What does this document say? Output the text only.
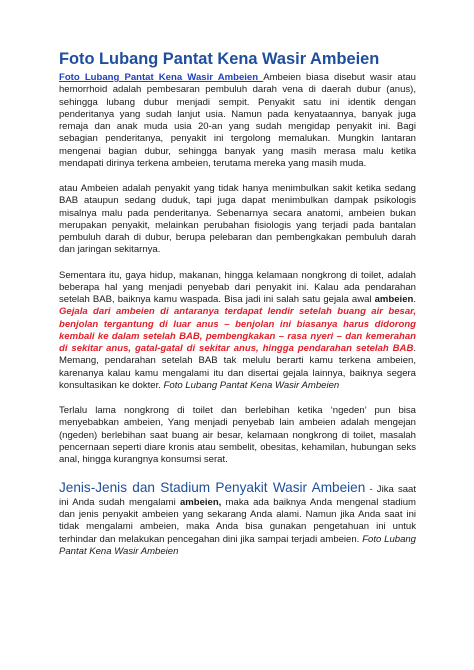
Foto Lubang Pantat Kena Wasir Ambeien

Foto Lubang Pantat Kena Wasir Ambeien Ambeien biasa disebut wasir atau hemorrhoid adalah pembesaran pembuluh darah vena di daerah dubur (anus), sehingga lubang dubur menjadi sempit. Penyakit satu ini identik dengan penderitanya yang sudah lanjut usia. Namun pada kenyataannya, banyak juga remaja dan anak muda usia 20-an yang sudah mengidap penyakit ini. Bagi sebagian penderitanya, penyakit ini tergolong memalukan. Mungkin lantaran mengenai bagian dubur, sehingga banyak yang masih merasa malu ketika mendapati dirinya terkena ambeien, terutama mereka yang masih muda.

atau Ambeien adalah penyakit yang tidak hanya menimbulkan sakit ketika sedang BAB ataupun sedang duduk, tapi juga dapat menimbulkan dampak psikologis misalnya malu pada penderitanya. Sebenarnya secara anatomi, ambeien bukan merupakan penyakit, melainkan perubahan fisiologis yang terjadi pada bantalan pembuluh darah di dubur, berupa pelebaran dan pembengkakan pembuluh darah dan jaringan sekitarnya.

Sementara itu, gaya hidup, makanan, hingga kelamaan nongkrong di toilet, adalah beberapa hal yang menjadi penyebab dari penyakit ini. Kalau ada pendarahan setelah BAB, baiknya kamu waspada. Bisa jadi ini salah satu gejala awal ambeien. Gejala dari ambeien di antaranya terdapat lendir setelah buang air besar, benjolan tergantung di luar anus – benjolan ini biasanya harus didorong kembali ke dalam setelah BAB, pembengkakan – rasa nyeri – dan kemerahan di sekitar anus, gatal-gatal di sekitar anus, hingga pendarahan setelah BAB. Memang, pendarahan setelah BAB tak melulu berarti kamu terkena ambeien, karenanya kalau kamu mengalami itu dan disertai gejala lainnya, baiknya segera konsultasikan ke dokter. Foto Lubang Pantat Kena Wasir Ambeien

Terlalu lama nongkrong di toilet dan berlebihan ketika ‘ngeden’ pun bisa menyebabkan ambeien, Yang menjadi penyebab lain ambeien adalah mengejan (ngeden) berlebihan saat buang air besar, kelamaan nongkrong di toilet, masalah pencernaan seperti diare kronis atau sembelit, obesitas, kehamilan, hubungan seks anal, hingga kurangnya konsumsi serat.

Jenis-Jenis dan Stadium Penyakit Wasir Ambeien - Jika saat ini Anda sudah mengalami ambeien, maka ada baiknya Anda mengenal stadium dan jenis penyakit ambeien yang sekarang Anda alami. Namun jika Anda saat ini tidak mengalami ambeien, maka Anda bisa gunakan pengetahuan ini untuk terhindar dan melakukan pencegahan dini jika sampai terjadi ambeien. Foto Lubang Pantat Kena Wasir Ambeien
